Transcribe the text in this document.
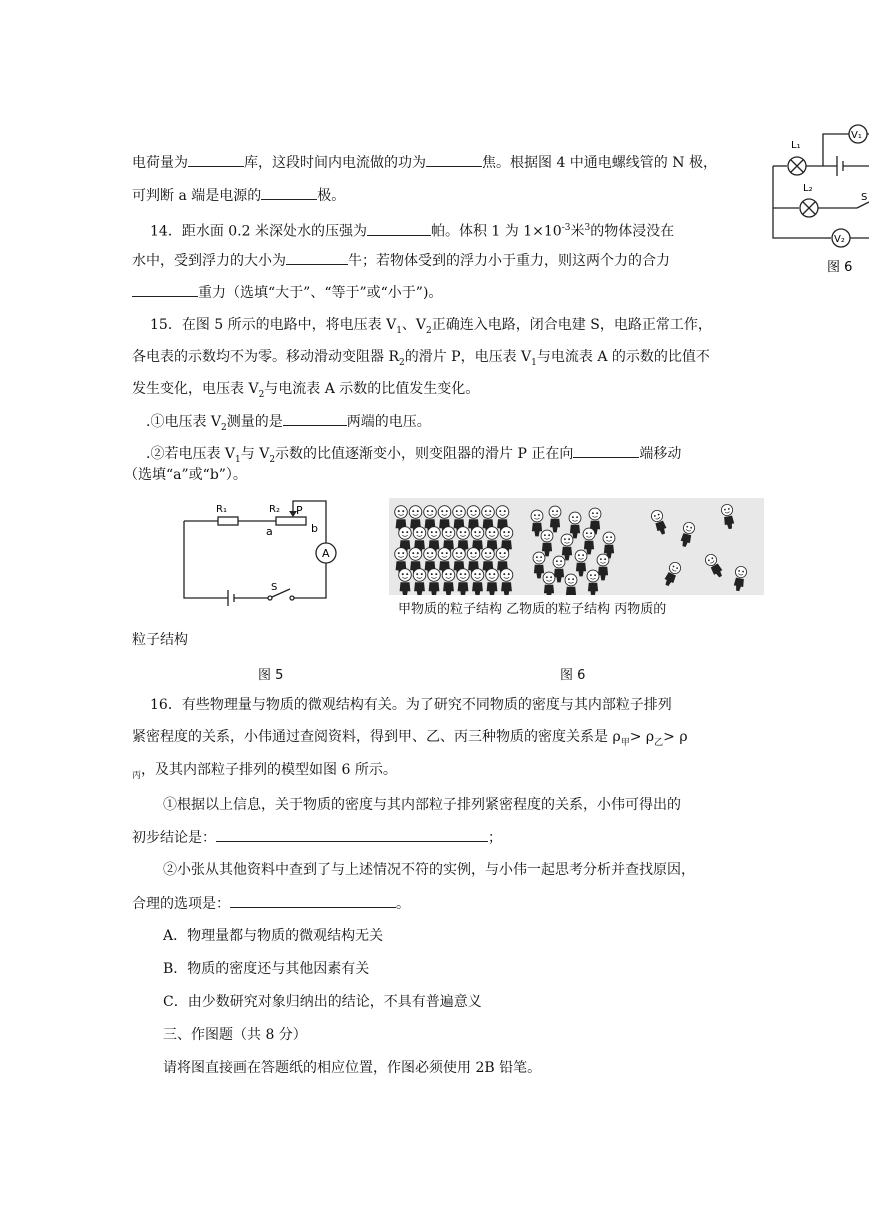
L₁
L₂
V₁
V₂
S
图 6
电荷量为	库，这段时间内电流做的功为	焦。根据图 4 中通电螺线管的 N 极，
可判断 a 端是电源的	极。
14．距水面 0.2 米深处水的压强为	帕。体积 1 为 $1\times 10^{-3}$米$^3$的物体浸没在
水中，受到浮力的大小为	牛；若物体受到的浮力小于重力，则这两个力的合力
重力（选填“大于”、“等于”或“小于”)。
15．在图 5 所示的电路中，将电压表 $V_1$、$V_2$正确连入电路，闭合电建 S，电路正常工作，
各电表的示数均不为零。移动滑动变阻器 $R_2$的滑片 P，电压表 $V_1$与电流表 A 的示数的比值不
发生变化，电压表 $V_2$与电流表 A 示数的比值发生变化。
.①电压表 $V_2$测量的是	两端的电压。
.②若电压表 $V_1$与 $V_2$示数的比值逐渐变小，则变阻器的滑片 P 正在向	端移动
（选填“a”或“b”）。
R₁	R₂ P
a	b
A
S
甲物质的粒子结构 乙物质的粒子结构 丙物质的
粒子结构
图 5	图 6
16．有些物理量与物质的微观结构有关。为了研究不同物质的密度与其内部粒子排列
紧密程度的关系，小伟通过查阅资料，得到甲、乙、丙三种物质的密度关系是 $\rho_甲> \rho_乙> \rho$
$_丙$，及其内部粒子排列的模型如图 6 所示。
①根据以上信息，关于物质的密度与其内部粒子排列紧密程度的关系，小伟可得出的
初步结论是：	；
②小张从其他资料中查到了与上述情况不符的实例，与小伟一起思考分析并查找原因，
合理的选项是：	。
A．物理量都与物质的微观结构无关
B．物质的密度还与其他因素有关
C．由少数研究对象归纳出的结论，不具有普遍意义
三、作图题（共 8 分）
请将图直接画在答题纸的相应位置，作图必须使用 2B 铅笔。
